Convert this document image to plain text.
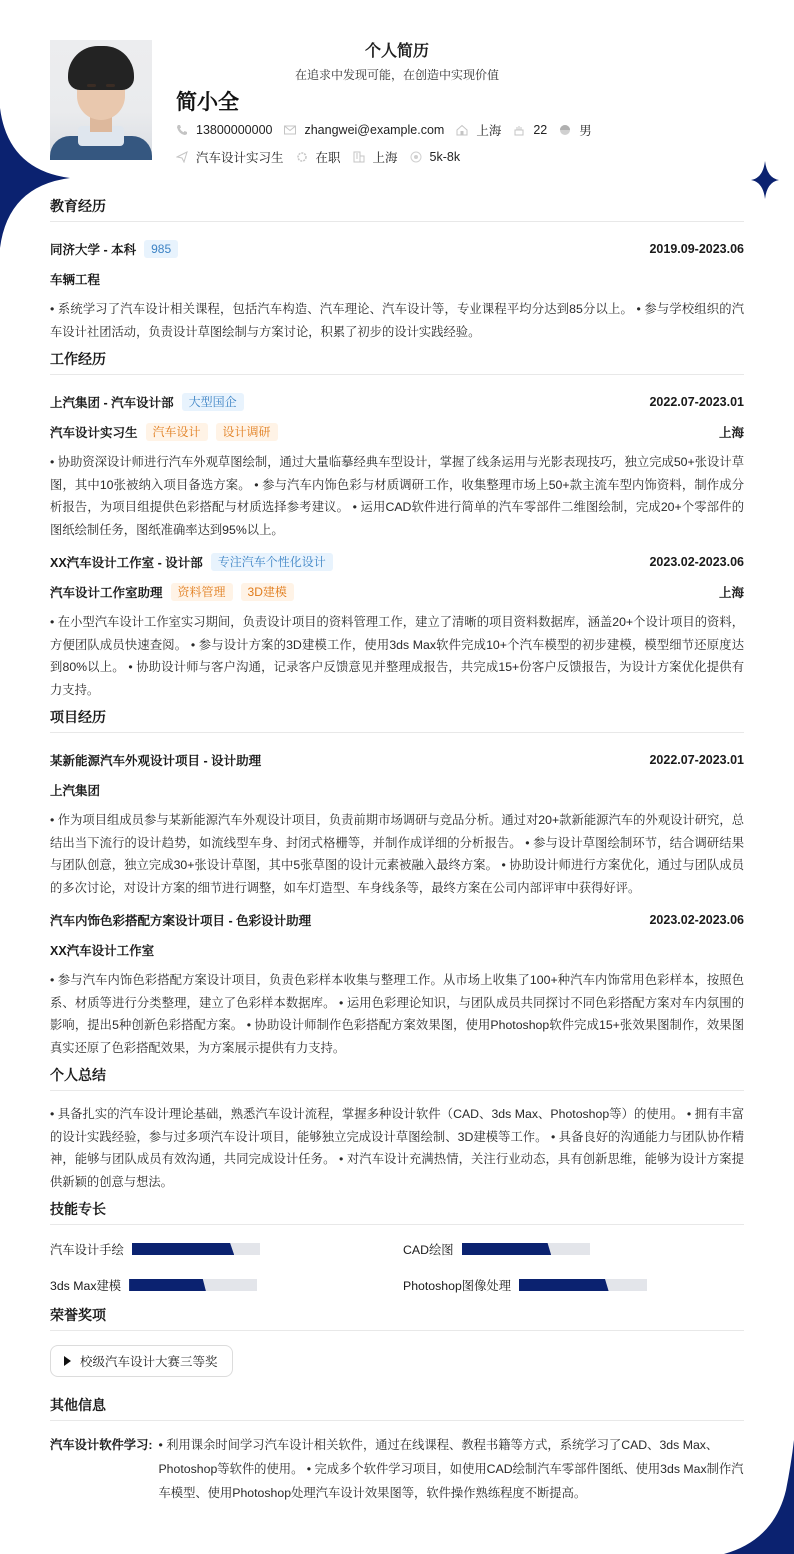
个人简历
在追求中发现可能，在创造中实现价值
简小全
13800000000	zhangwei@example.com	上海	22	男
汽车设计实习生	在职	上海	5k-8k
教育经历
同济大学 - 本科	985	2019.09-2023.06
车辆工程
• 系统学习了汽车设计相关课程，包括汽车构造、汽车理论、汽车设计等，专业课程平均分达到85分以上。 • 参与学校组织的汽车设计社团活动，负责设计草图绘制与方案讨论，积累了初步的设计实践经验。
工作经历
上汽集团 - 汽车设计部	大型国企	2022.07-2023.01
汽车设计实习生	汽车设计	设计调研	上海
• 协助资深设计师进行汽车外观草图绘制，通过大量临摹经典车型设计，掌握了线条运用与光影表现技巧，独立完成50+张设计草图，其中10张被纳入项目备选方案。 • 参与汽车内饰色彩与材质调研工作，收集整理市场上50+款主流车型内饰资料，制作成分析报告，为项目组提供色彩搭配与材质选择参考建议。 • 运用CAD软件进行简单的汽车零部件二维图绘制，完成20+个零部件的图纸绘制任务，图纸准确率达到95%以上。
XX汽车设计工作室 - 设计部	专注汽车个性化设计	2023.02-2023.06
汽车设计工作室助理	资料管理	3D建模	上海
• 在小型汽车设计工作室实习期间，负责设计项目的资料管理工作，建立了清晰的项目资料数据库，涵盖20+个设计项目的资料，方便团队成员快速查阅。 • 参与设计方案的3D建模工作，使用3ds Max软件完成10+个汽车模型的初步建模，模型细节还原度达到80%以上。 • 协助设计师与客户沟通，记录客户反馈意见并整理成报告，共完成15+份客户反馈报告，为设计方案优化提供有力支持。
项目经历
某新能源汽车外观设计项目 - 设计助理	2022.07-2023.01
上汽集团
• 作为项目组成员参与某新能源汽车外观设计项目，负责前期市场调研与竞品分析。通过对20+款新能源汽车的外观设计研究，总结出当下流行的设计趋势，如流线型车身、封闭式格栅等，并制作成详细的分析报告。 • 参与设计草图绘制环节，结合调研结果与团队创意，独立完成30+张设计草图，其中5张草图的设计元素被融入最终方案。 • 协助设计师进行方案优化，通过与团队成员的多次讨论，对设计方案的细节进行调整，如车灯造型、车身线条等，最终方案在公司内部评审中获得好评。
汽车内饰色彩搭配方案设计项目 - 色彩设计助理	2023.02-2023.06
XX汽车设计工作室
• 参与汽车内饰色彩搭配方案设计项目，负责色彩样本收集与整理工作。从市场上收集了100+种汽车内饰常用色彩样本，按照色系、材质等进行分类整理，建立了色彩样本数据库。 • 运用色彩理论知识，与团队成员共同探讨不同色彩搭配方案对车内氛围的影响，提出5种创新色彩搭配方案。 • 协助设计师制作色彩搭配方案效果图，使用Photoshop软件完成15+张效果图制作，效果图真实还原了色彩搭配效果，为方案展示提供有力支持。
个人总结
• 具备扎实的汽车设计理论基础，熟悉汽车设计流程，掌握多种设计软件（CAD、3ds Max、Photoshop等）的使用。 • 拥有丰富的设计实践经验，参与过多项汽车设计项目，能够独立完成设计草图绘制、3D建模等工作。 • 具备良好的沟通能力与团队协作精神，能够与团队成员有效沟通，共同完成设计任务。 • 对汽车设计充满热情，关注行业动态，具有创新思维，能够为设计方案提供新颖的创意与想法。
技能专长
汽车设计手绘	CAD绘图
3ds Max建模	Photoshop图像处理
荣誉奖项
校级汽车设计大赛三等奖
其他信息
汽车设计软件学习: • 利用课余时间学习汽车设计相关软件，通过在线课程、教程书籍等方式，系统学习了CAD、3ds Max、Photoshop等软件的使用。 • 完成多个软件学习项目，如使用CAD绘制汽车零部件图纸、使用3ds Max制作汽车模型、使用Photoshop处理汽车设计效果图等，软件操作熟练程度不断提高。
